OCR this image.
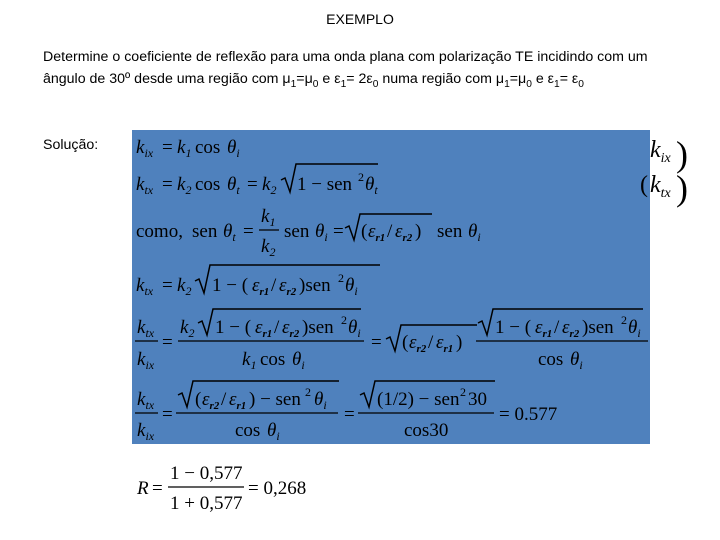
EXEMPLO
Determine o coeficiente de reflexão para uma onda plana com polarização TE incidindo com um ângulo de 30º desde uma região com $\mu_1=\mu_0$ e $\varepsilon_1= 2\varepsilon_0$ numa região com $\mu_1=\mu_0$ e $\varepsilon_1= \varepsilon_0$
Solução: $k_{ix} = k_1$ $\cos \theta_i$
$k_{tx} = k_2$ $\cos \theta_t = k_2$ 1 − sen 2 $\theta_t$
como, sen $\theta_t$ =
$k_1$
$k_2$
sen $\theta_i$ = ( $\varepsilon_{r1} / \varepsilon_{r2}$ ) sen $\theta_i$
$k_{tx} = k_2$ 1 − ( $\varepsilon_{r1} / \varepsilon_{r2}$ )sen 2 $\theta_i$
$k_{tx}$
$k_{ix}$
=
$k_2$ 1 − ( $\varepsilon_{r1} / \varepsilon_{r2}$ )sen 2 $\theta_i$
$k_1$ $\cos \theta_i$
= ( $\varepsilon_{r2} / \varepsilon_{r1}$ )
1 − ( $\varepsilon_{r1} / \varepsilon_{r2}$ )sen 2 $\theta_i$
$\cos \theta_i$
$k_{tx}$
$k_{ix}$
=
( $\varepsilon_{r2} / \varepsilon_{r1}$ ) − sen 2 $\theta_i$
$\cos \theta_i$
=
(1/2) − sen 2 30
cos30
= 0.577
R =
1 − 0,577
1 + 0,577
= 0,268
$k_{ix}$ )
$k_{tx}$ )
(
